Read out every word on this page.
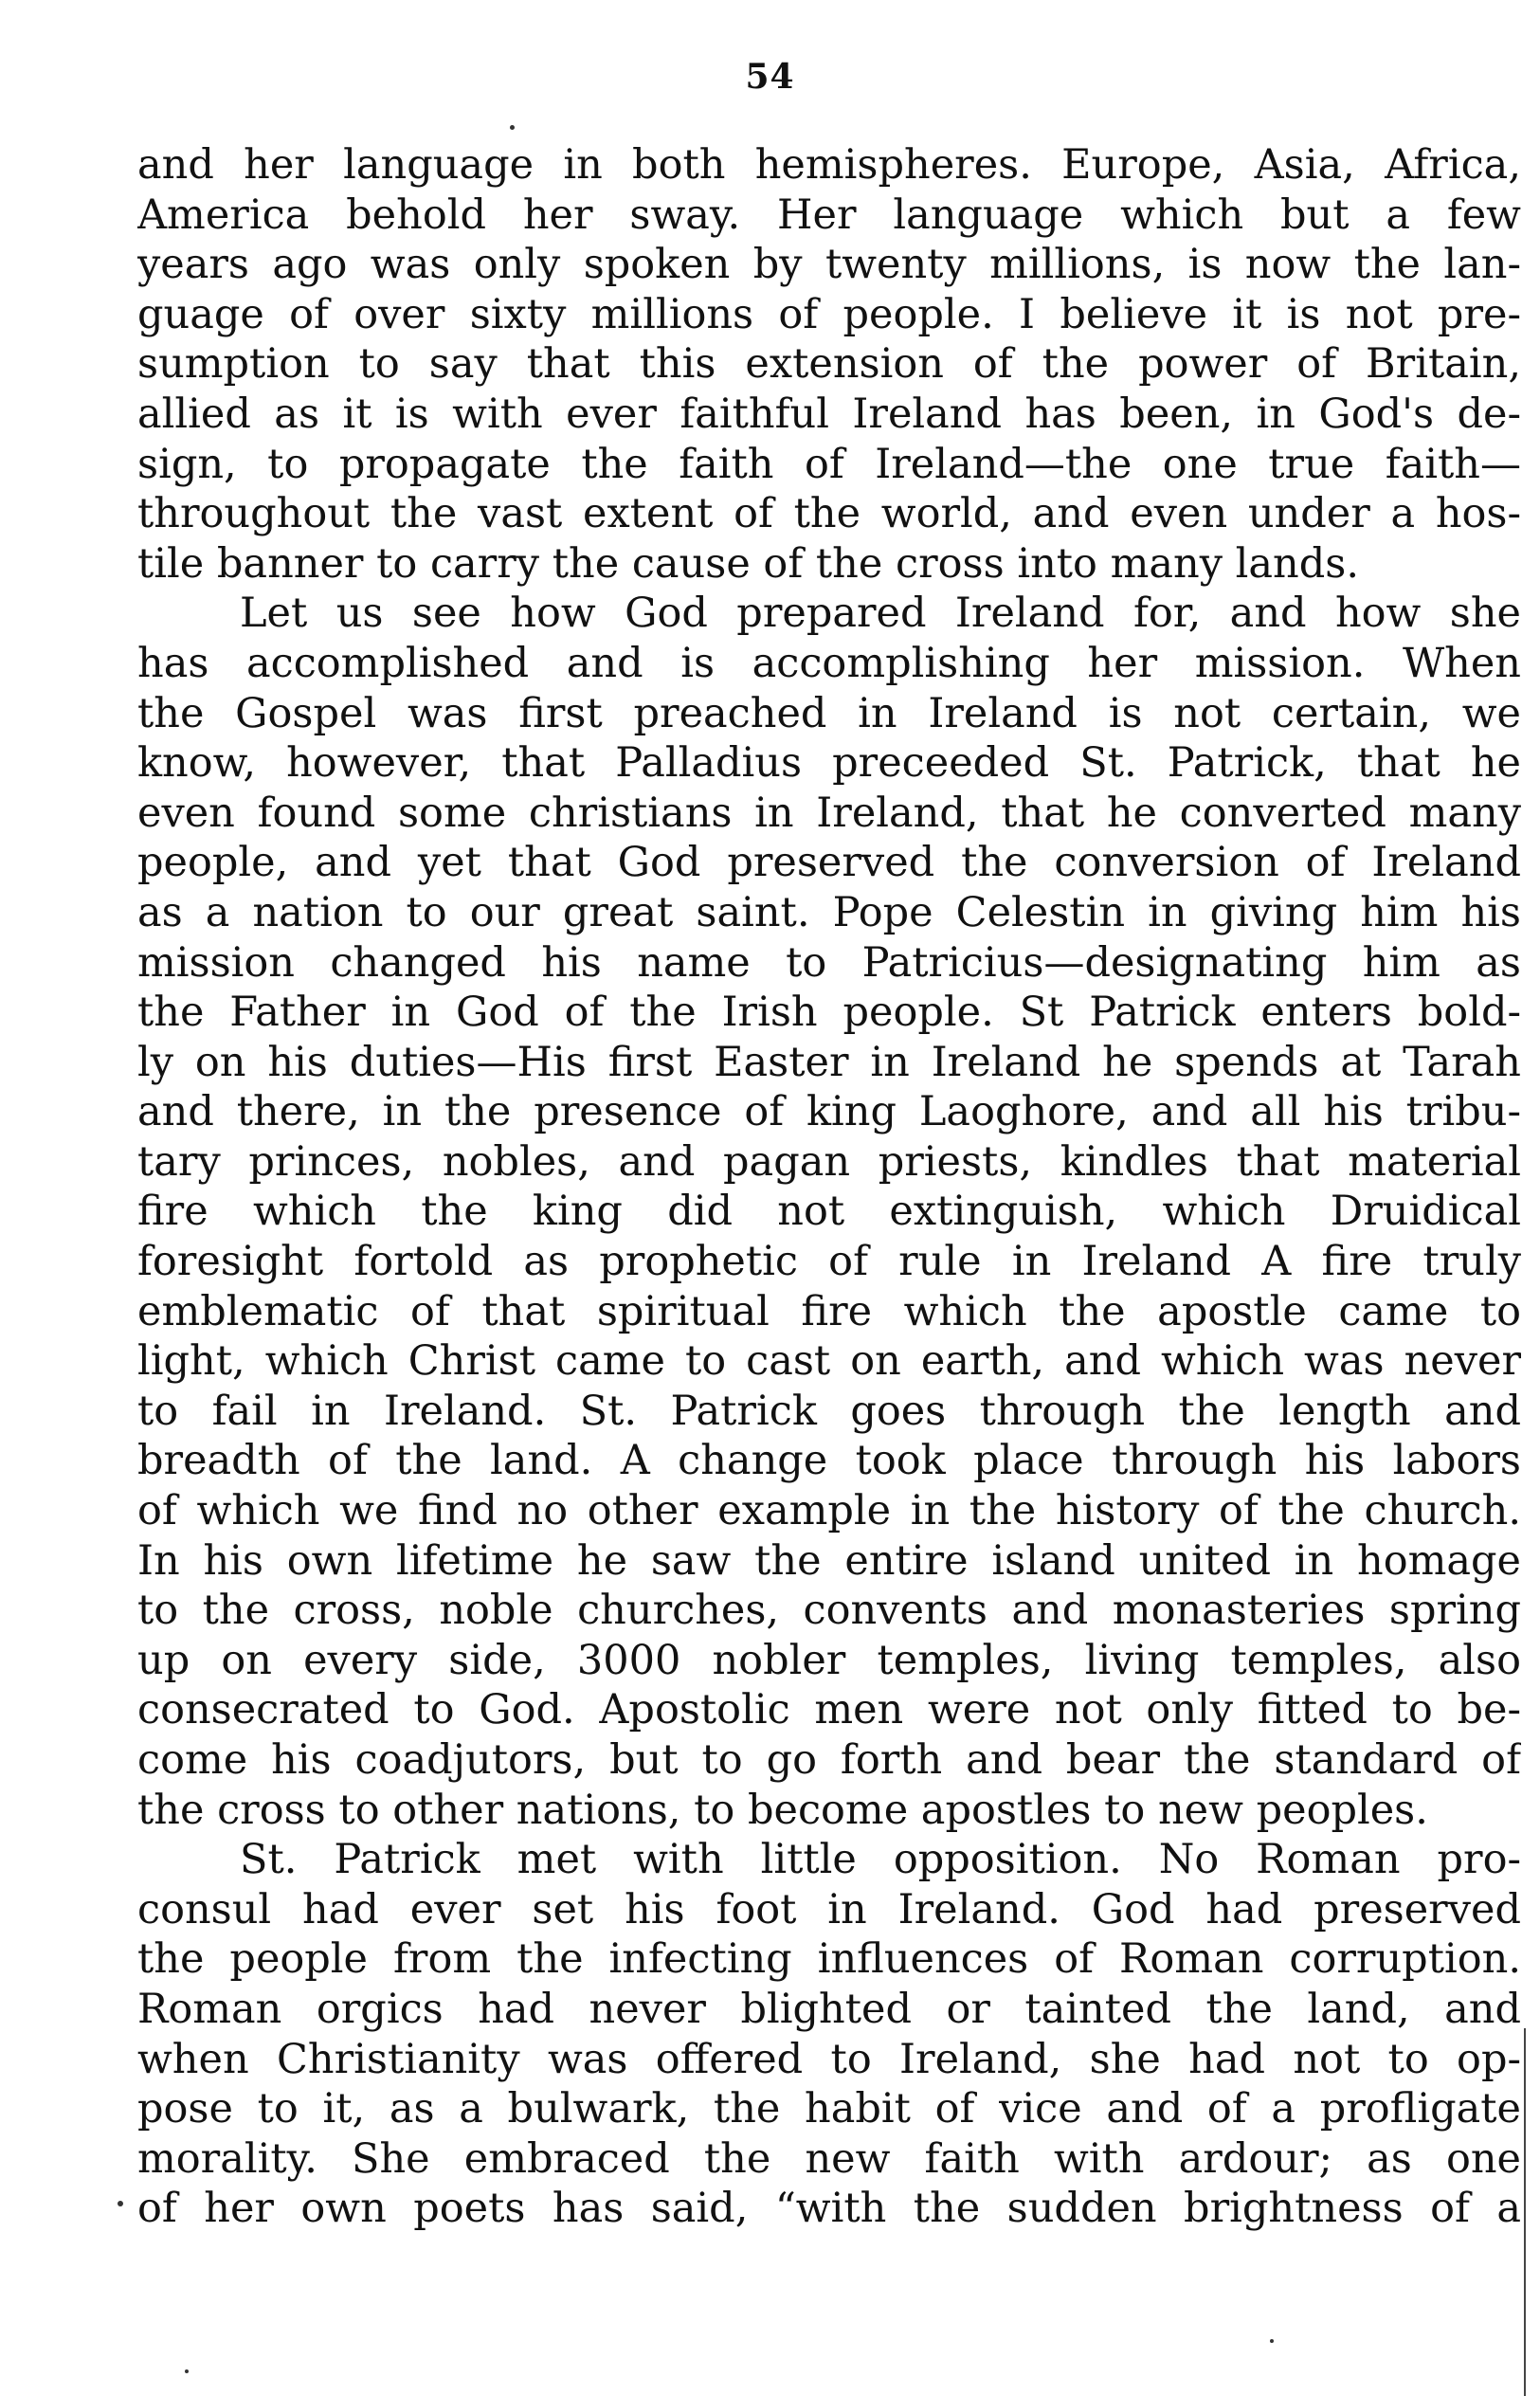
54
and her language in both hemispheres. Europe, Asia, Africa,
America behold her sway. Her language which but a few
years ago was only spoken by twenty millions, is now the lan-
guage of over sixty millions of people. I believe it is not pre-
sumption to say that this extension of the power of Britain,
allied as it is with ever faithful Ireland has been, in God's de-
sign, to propagate the faith of Ireland—the one true faith—
throughout the vast extent of the world, and even under a hos-
tile banner to carry the cause of the cross into many lands.
Let us see how God prepared Ireland for, and how she
has accomplished and is accomplishing her mission. When
the Gospel was first preached in Ireland is not certain, we
know, however, that Palladius preceeded St. Patrick, that he
even found some christians in Ireland, that he converted many
people, and yet that God preserved the conversion of Ireland
as a nation to our great saint. Pope Celestin in giving him his
mission changed his name to Patricius—designating him as
the Father in God of the Irish people. St Patrick enters bold-
ly on his duties—His first Easter in Ireland he spends at Tarah
and there, in the presence of king Laoghore, and all his tribu-
tary princes, nobles, and pagan priests, kindles that material
fire which the king did not extinguish, which Druidical
foresight fortold as prophetic of rule in Ireland A fire truly
emblematic of that spiritual fire which the apostle came to
light, which Christ came to cast on earth, and which was never
to fail in Ireland. St. Patrick goes through the length and
breadth of the land. A change took place through his labors
of which we find no other example in the history of the church.
In his own lifetime he saw the entire island united in homage
to the cross, noble churches, convents and monasteries spring
up on every side, 3000 nobler temples, living temples, also
consecrated to God. Apostolic men were not only fitted to be-
come his coadjutors, but to go forth and bear the standard of
the cross to other nations, to become apostles to new peoples.
St. Patrick met with little opposition. No Roman pro-
consul had ever set his foot in Ireland. God had preserved
the people from the infecting influences of Roman corruption.
Roman orgics had never blighted or tainted the land, and
when Christianity was offered to Ireland, she had not to op-
pose to it, as a bulwark, the habit of vice and of a profligate
morality. She embraced the new faith with ardour; as one
of her own poets has said, “with the sudden brightness of a
